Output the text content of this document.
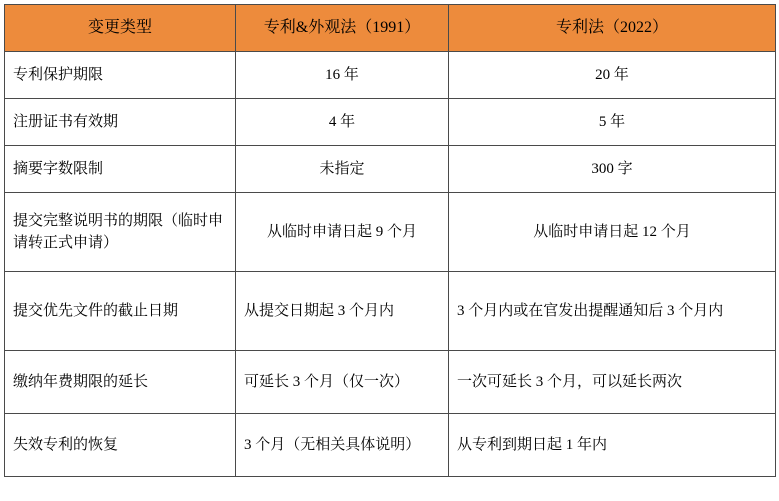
变更类型	专利&外观法（1991）	专利法（2022）
专利保护期限	16 年	20 年
注册证书有效期	4 年	5 年
摘要字数限制	未指定	300 字
提交完整说明书的期限（临时申请转正式申请）	从临时申请日起 9 个月	从临时申请日起 12 个月
提交优先文件的截止日期	从提交日期起 3 个月内	3 个月内或在官发出提醒通知后 3 个月内
缴纳年费期限的延长	可延长 3 个月（仅一次）	一次可延长 3 个月，可以延长两次
失效专利的恢复	3 个月（无相关具体说明）	从专利到期日起 1 年内
